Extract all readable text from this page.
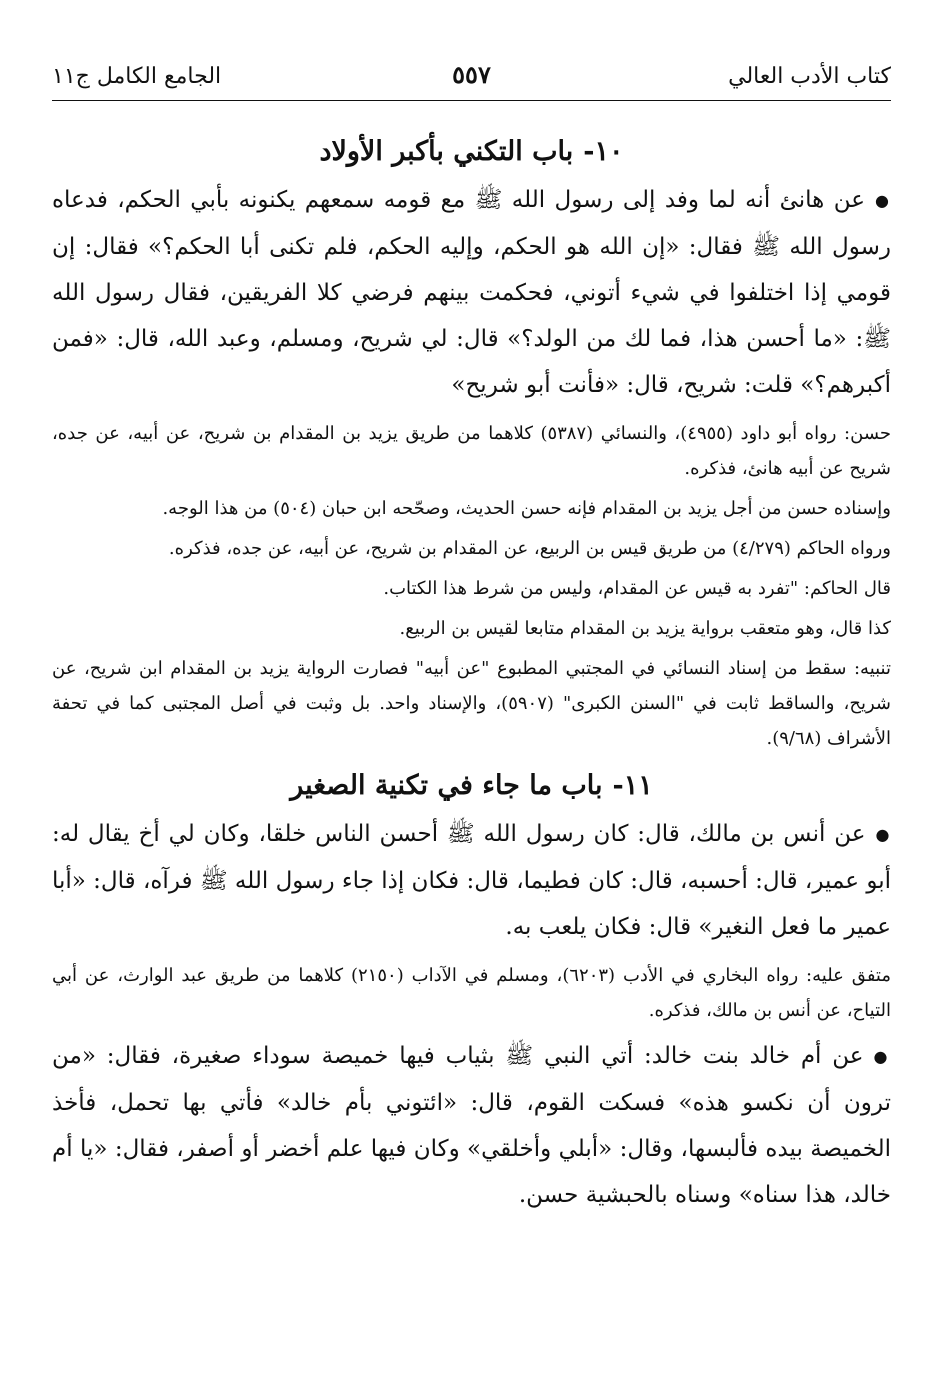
كتاب الأدب العالي
٥٥٧
الجامع الكامل ج١١
١٠-باب التكني بأكبر الأولاد

●عن هانئ أنه لما وفد إلى رسول الله ﷺ مع قومه سمعهم يكنونه بأبي الحكم، فدعاه رسول الله ﷺ فقال: «إن الله هو الحكم، وإليه الحكم، فلم تكنى أبا الحكم؟» فقال: إن قومي إذا اختلفوا في شيء أتوني، فحكمت بينهم فرضي كلا الفريقين، فقال رسول الله ﷺ: «ما أحسن هذا، فما لك من الولد؟» قال: لي شريح، ومسلم، وعبد الله، قال: «فمن أكبرهم؟» قلت: شريح، قال: «فأنت أبو شريح»

حسن: رواه أبو داود (٤٩٥٥)، والنسائي (٥٣٨٧) كلاهما من طريق يزيد بن المقدام بن شريح، عن أبيه، عن جده، شريح عن أبيه هانئ، فذكره.

وإسناده حسن من أجل يزيد بن المقدام فإنه حسن الحديث، وصحّحه ابن حبان (٥٠٤) من هذا الوجه.

ورواه الحاكم (٤/٢٧٩) من طريق قيس بن الربيع، عن المقدام بن شريح، عن أبيه، عن جده، فذكره.

قال الحاكم: "تفرد به قيس عن المقدام، وليس من شرط هذا الكتاب.

كذا قال، وهو متعقب برواية يزيد بن المقدام متابعا لقيس بن الربيع.

تنبيه: سقط من إسناد النسائي في المجتبي المطبوع "عن أبيه" فصارت الرواية يزيد بن المقدام ابن شريح، عن شريح، والساقط ثابت في "السنن الكبرى" (٥٩٠٧)، والإسناد واحد. بل وثبت في أصل المجتبى كما في تحفة الأشراف (٩/٦٨).

١١-باب ما جاء في تكنية الصغير

●عن أنس بن مالك، قال: كان رسول الله ﷺ أحسن الناس خلقا، وكان لي أخ يقال له: أبو عمير، قال: أحسبه، قال: كان فطيما، قال: فكان إذا جاء رسول الله ﷺ فرآه، قال: «أبا عمير ما فعل النغير» قال: فكان يلعب به.

متفق عليه: رواه البخاري في الأدب (٦٢٠٣)، ومسلم في الآداب (٢١٥٠) كلاهما من طريق عبد الوارث، عن أبي التياح، عن أنس بن مالك، فذكره.

●عن أم خالد بنت خالد: أتي النبي ﷺ بثياب فيها خميصة سوداء صغيرة، فقال: «من ترون أن نكسو هذه» فسكت القوم، قال: «ائتوني بأم خالد» فأتي بها تحمل، فأخذ الخميصة بيده فألبسها، وقال: «أبلي وأخلقي» وكان فيها علم أخضر أو أصفر، فقال: «يا أم خالد، هذا سناه» وسناه بالحبشية حسن.
